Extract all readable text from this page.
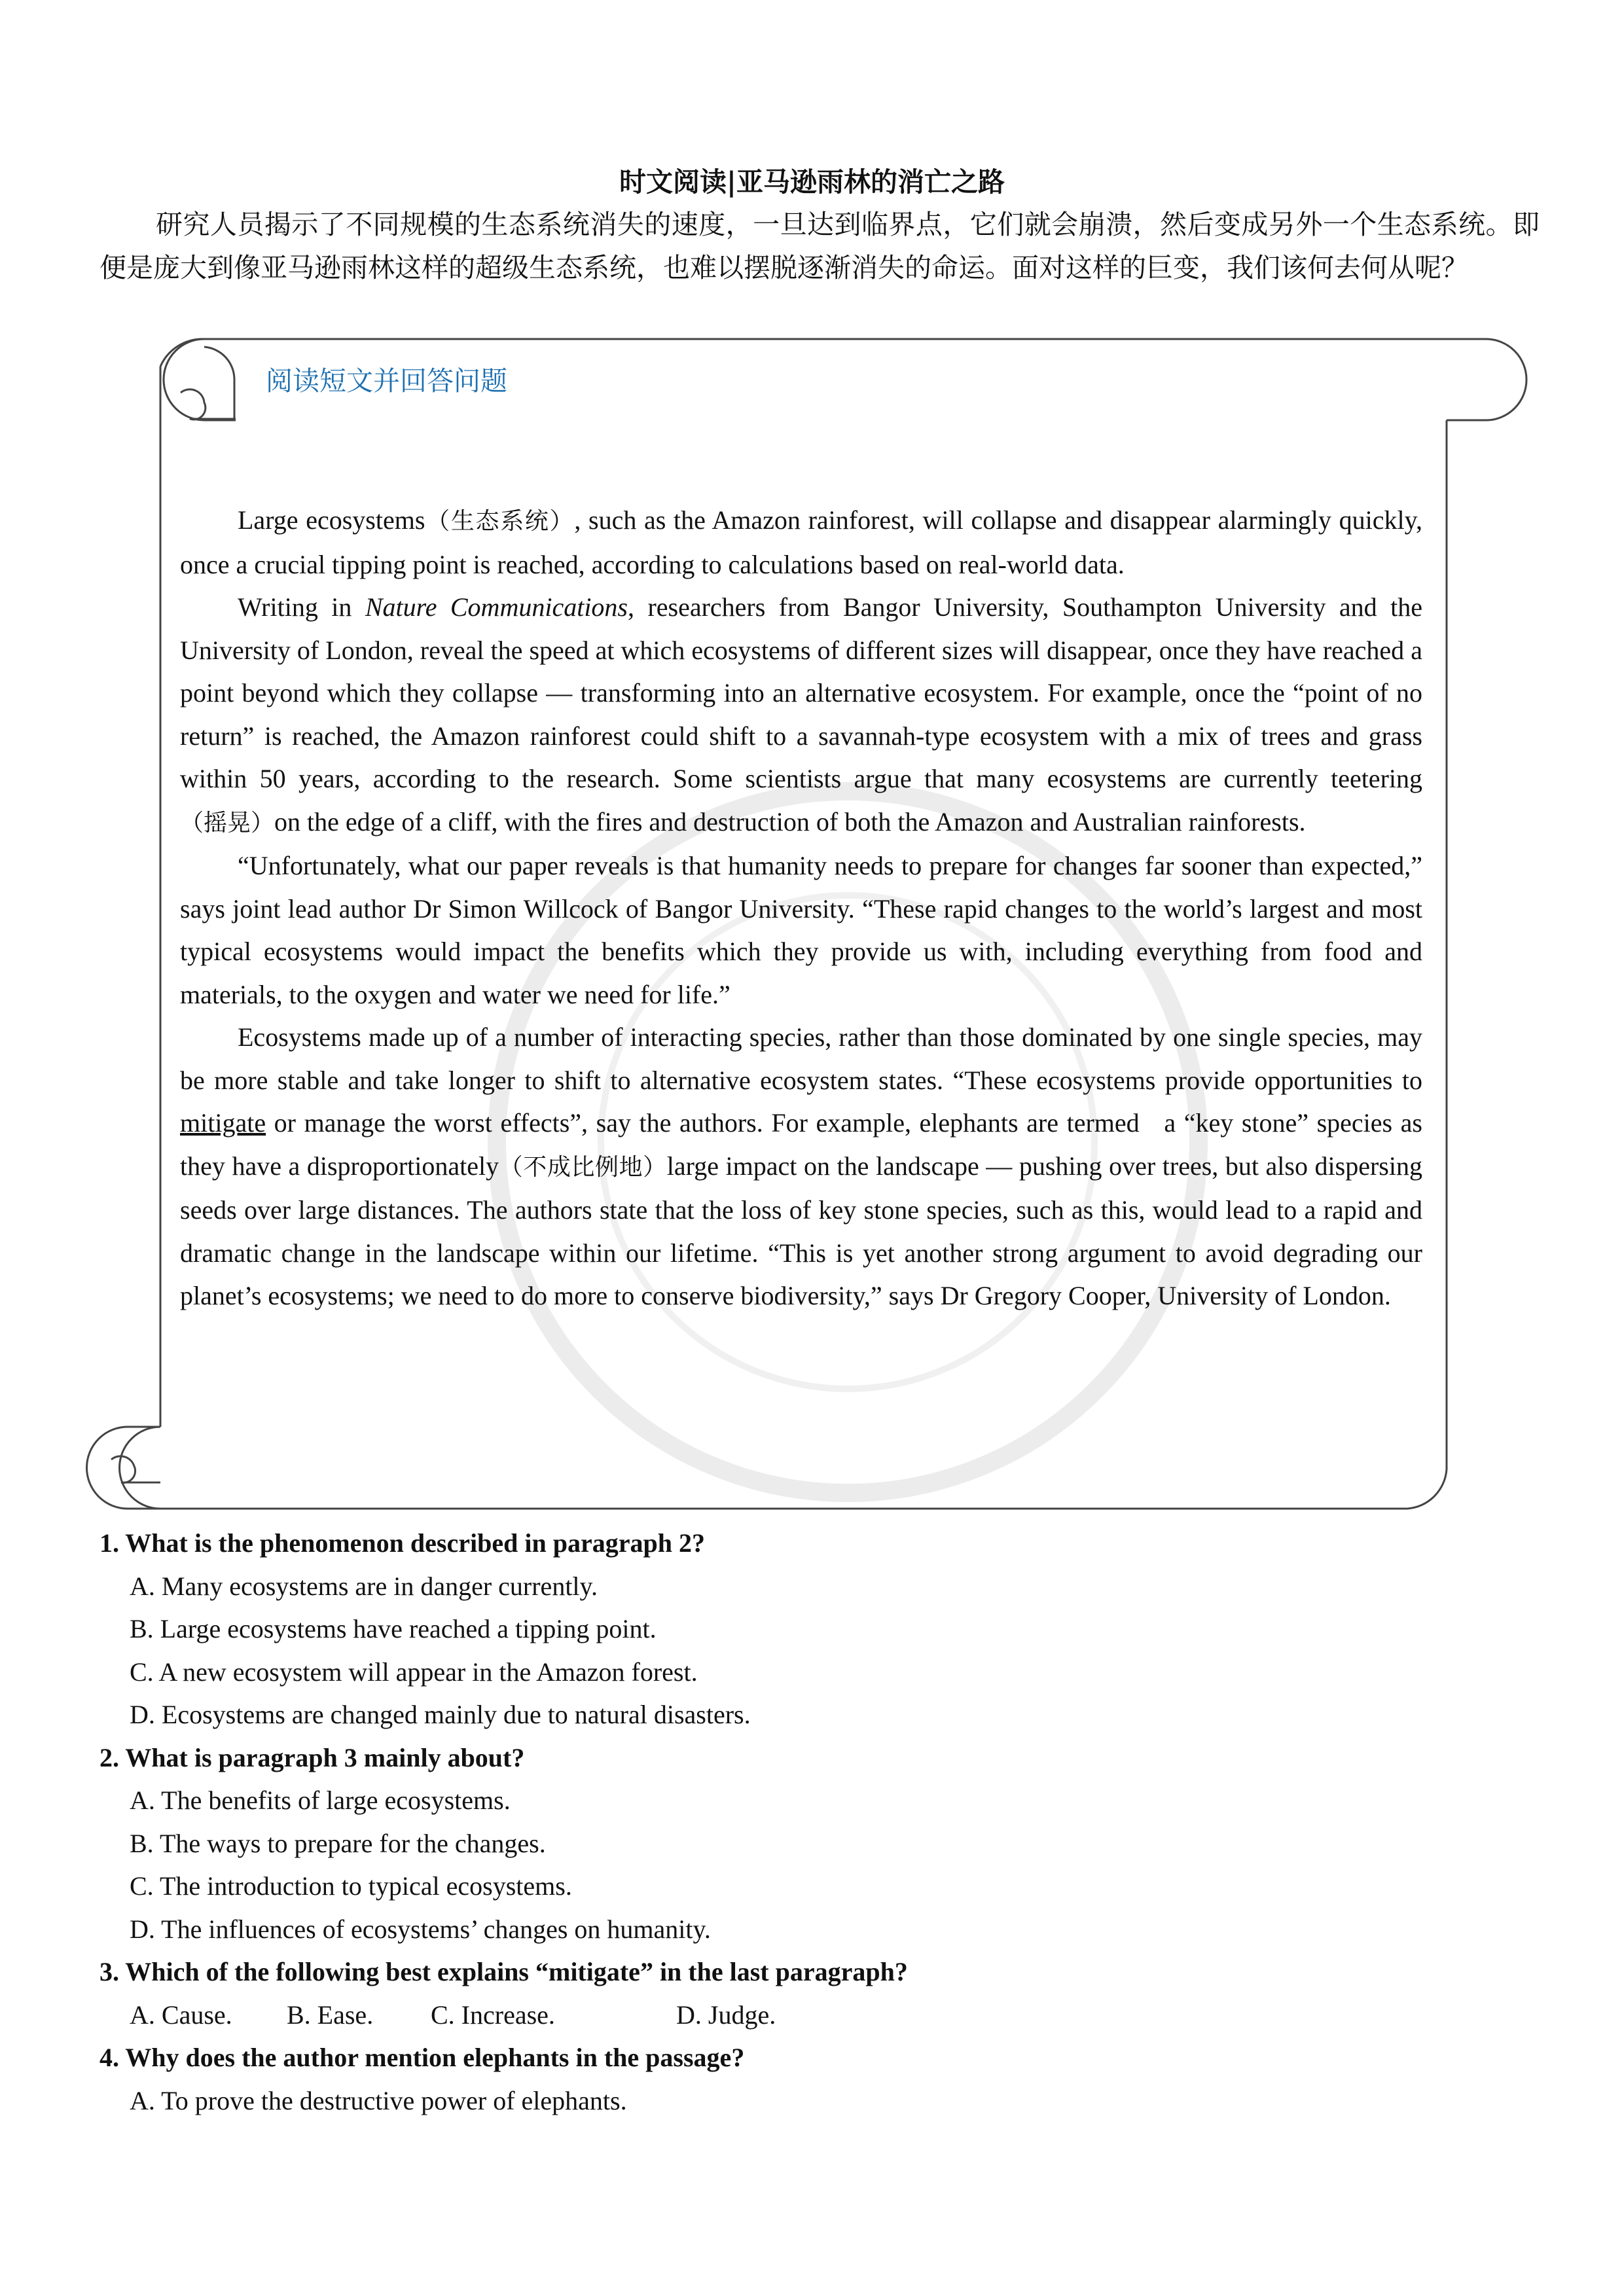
时文阅读|亚马逊雨林的消亡之路
研究人员揭示了不同规模的生态系统消失的速度，一旦达到临界点，它们就会崩溃，然后变成另外一个生态系统。即便是庞大到像亚马逊雨林这样的超级生态系统，也难以摆脱逐渐消失的命运。面对这样的巨变，我们该何去何从呢？
阅读短文并回答问题

Large ecosystems（生态系统）, such as the Amazon rainforest, will collapse and disappear alarmingly quickly, once a crucial tipping point is reached, according to calculations based on real-world data.

Writing in Nature Communications, researchers from Bangor University, Southampton University and the University of London, reveal the speed at which ecosystems of different sizes will disappear, once they have reached a point beyond which they collapse — transforming into an alternative ecosystem. For example, once the “point of no return” is reached, the Amazon rainforest could shift to a savannah-type ecosystem with a mix of trees and grass within 50 years, according to the research. Some scientists argue that many ecosystems are currently teetering（摇晃）on the edge of a cliff, with the fires and destruction of both the Amazon and Australian rainforests.

“Unfortunately, what our paper reveals is that humanity needs to prepare for changes far sooner than expected,” says joint lead author Dr Simon Willcock of Bangor University. “These rapid changes to the world’s largest and most typical ecosystems would impact the benefits which they provide us with, including everything from food and materials, to the oxygen and water we need for life.”

Ecosystems made up of a number of interacting species, rather than those dominated by one single species, may be more stable and take longer to shift to alternative ecosystem states. “These ecosystems provide opportunities to mitigate or manage the worst effects”, say the authors. For example, elephants are termed   a “key stone” species as they have a disproportionately（不成比例地）large impact on the landscape — pushing over trees, but also dispersing seeds over large distances. The authors state that the loss of key stone species, such as this, would lead to a rapid and dramatic change in the landscape within our lifetime. “This is yet another strong argument to avoid degrading our planet’s ecosystems; we need to do more to conserve biodiversity,” says Dr Gregory Cooper, University of London.

1. What is the phenomenon described in paragraph 2?
A. Many ecosystems are in danger currently.
B. Large ecosystems have reached a tipping point.
C. A new ecosystem will appear in the Amazon forest.
D. Ecosystems are changed mainly due to natural disasters.
2. What is paragraph 3 mainly about?
A. The benefits of large ecosystems.
B. The ways to prepare for the changes.
C. The introduction to typical ecosystems.
D. The influences of ecosystems’ changes on humanity.
3. Which of the following best explains “mitigate” in the last paragraph?
A. Cause. B. Ease. C. Increase.	D. Judge.
4. Why does the author mention elephants in the passage?
A. To prove the destructive power of elephants.
